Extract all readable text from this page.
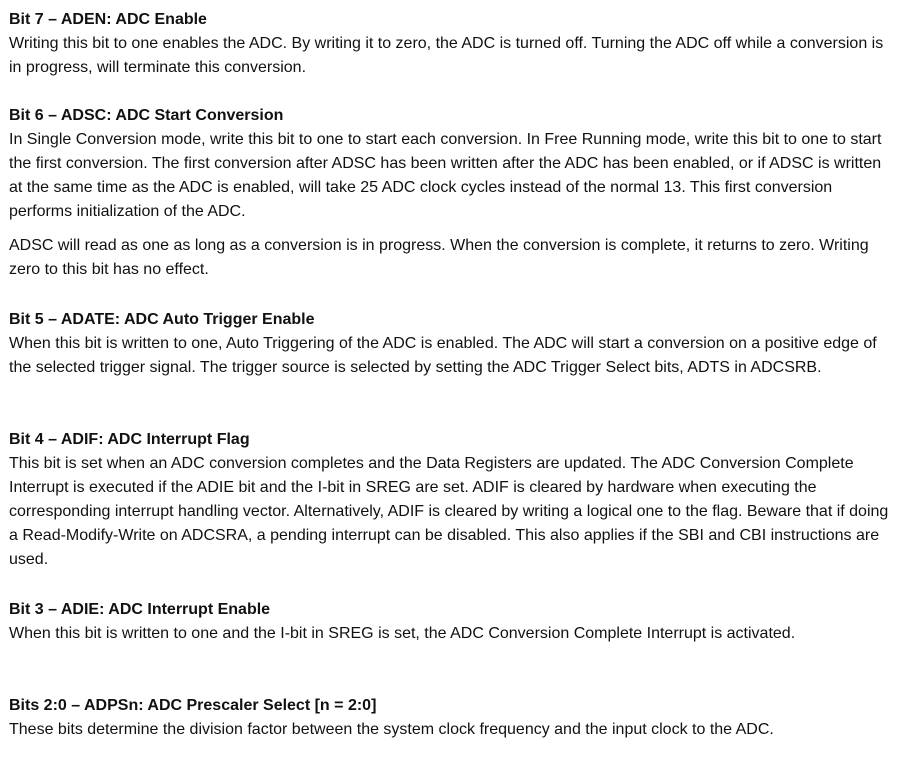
Bit 7 – ADEN: ADC Enable

Writing this bit to one enables the ADC. By writing it to zero, the ADC is turned off. Turning the ADC off while a conversion is in progress, will terminate this conversion.

Bit 6 – ADSC: ADC Start Conversion

In Single Conversion mode, write this bit to one to start each conversion. In Free Running mode, write this bit to one to start the first conversion. The first conversion after ADSC has been written after the ADC has been enabled, or if ADSC is written at the same time as the ADC is enabled, will take 25 ADC clock cycles instead of the normal 13. This first conversion performs initialization of the ADC.

ADSC will read as one as long as a conversion is in progress. When the conversion is complete, it returns to zero. Writing zero to this bit has no effect.

Bit 5 – ADATE: ADC Auto Trigger Enable

When this bit is written to one, Auto Triggering of the ADC is enabled. The ADC will start a conversion on a positive edge of the selected trigger signal. The trigger source is selected by setting the ADC Trigger Select bits, ADTS in ADCSRB.

Bit 4 – ADIF: ADC Interrupt Flag

This bit is set when an ADC conversion completes and the Data Registers are updated. The ADC Conversion Complete Interrupt is executed if the ADIE bit and the I-bit in SREG are set. ADIF is cleared by hardware when executing the corresponding interrupt handling vector. Alternatively, ADIF is cleared by writing a logical one to the flag. Beware that if doing a Read-Modify-Write on ADCSRA, a pending interrupt can be disabled. This also applies if the SBI and CBI instructions are used.

Bit 3 – ADIE: ADC Interrupt Enable

When this bit is written to one and the I-bit in SREG is set, the ADC Conversion Complete Interrupt is activated.

Bits 2:0 – ADPSn: ADC Prescaler Select [n = 2:0]

These bits determine the division factor between the system clock frequency and the input clock to the ADC.
